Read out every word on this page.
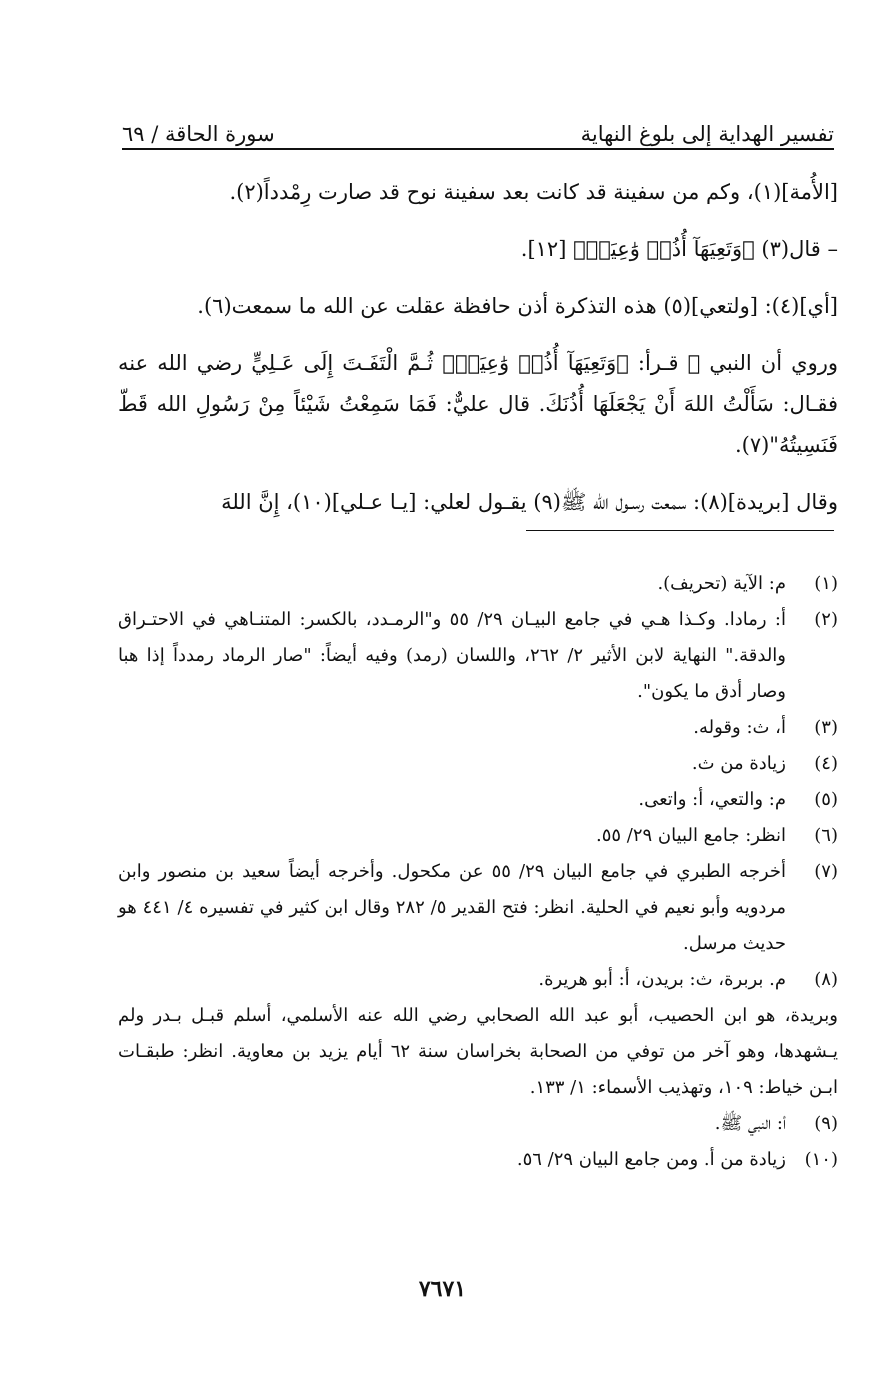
تفسير الهداية إلى بلوغ النهاية
سورة الحاقة / ٦٩

[الأُمة](١)، وكم من سفينة قد كانت بعد سفينة نوح قد صارت رِمْدداً(٢).

– قال(٣) ﴿وَتَعِيَهَآ أُذُنٞ وَٰعِيَةٞ﴾ [١٢].

[أي](٤): [ولتعي](٥) هذه التذكرة أذن حافظة عقلت عن الله ما سمعت(٦).

وروي أن النبي ﷺ قـرأ: ﴿وَتَعِيَهَآ أُذُنٞ وَٰعِيَةٞ﴾ ثُـمَّ الْتَفَـتَ إِلَى عَـلِيٍّ رضي الله عنه فقـال: سَأَلْتُ اللهَ أَنْ يَجْعَلَهَا أُذُنَكَ. قال عليٌّ: فَمَا سَمِعْتُ شَيْئاً مِنْ رَسُولِ الله قَطّ فَنَسِيتُهُ"(٧).

وقال [بريدة](٨): سمعت رسـول الله ﷺ(٩) يقـول لعلي: [يـا عـلي](١٠)، إِنَّ اللهَ

(١)
م: الآية (تحريف).
(٢)
أ: رمادا. وكـذا هـي في جامع البيـان ٢٩/ ٥٥ و"الرمـدد، بالكسر: المتنـاهي في الاحتـراق والدقة." النهاية لابن الأثير ٢/ ٢٦٢، واللسان (رمد) وفيه أيضاً: "صار الرماد رمدداً إذا هبا وصار أدق ما يكون".
(٣)
أ، ث: وقوله.
(٤)
زيادة من ث.
(٥)
م: والتعي، أ: واتعى.
(٦)
انظر: جامع البيان ٢٩/ ٥٥.
(٧)
أخرجه الطبري في جامع البيان ٢٩/ ٥٥ عن مكحول. وأخرجه أيضاً سعيد بن منصور وابن مردويه وأبو نعيم في الحلية. انظر: فتح القدير ٥/ ٢٨٢ وقال ابن كثير في تفسيره ٤/ ٤٤١ هو حديث مرسل.
(٨)
م. بربرة، ث: بريدن، أ: أبو هريرة.
وبريدة، هو ابن الحصيب، أبو عبد الله الصحابي رضي الله عنه الأسلمي، أسلم قبـل بـدر ولم يـشهدها، وهو آخر من توفي من الصحابة بخراسان سنة ٦٢ أيام يزيد بن معاوية. انظر: طبقـات ابـن خياط: ١٠٩، وتهذيب الأسماء: ١/ ١٣٣.
(٩)
أ: النبي ﷺ.
(١٠)
زيادة من أ. ومن جامع البيان ٢٩/ ٥٦.
٧٦٧١
